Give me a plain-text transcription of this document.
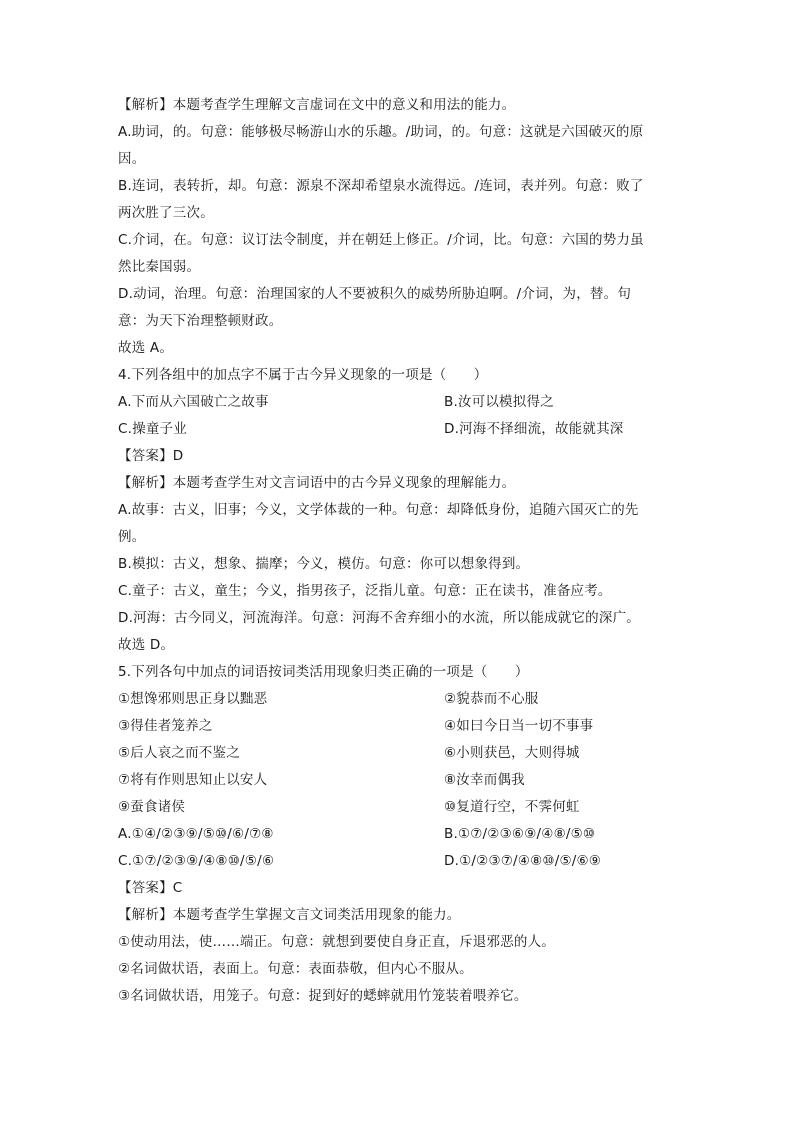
【解析】本题考查学生理解文言虚词在文中的意义和用法的能力。
A.助词，的。句意：能够极尽畅游山水的乐趣。/助词，的。句意：这就是六国破灭的原
因。
B.连词，表转折，却。句意：源泉不深却希望泉水流得远。/连词，表并列。句意：败了
两次胜了三次。
C.介词，在。句意：议订法令制度，并在朝廷上修正。/介词，比。句意：六国的势力虽
然比秦国弱。
D.动词，治理。句意：治理国家的人不要被积久的威势所胁迫啊。/介词，为，替。句
意：为天下治理整顿财政。
故选 A。
4.下列各组中的加点字不属于古今异义现象的一项是（　　）
A.下而从六国破亡之故事	B.汝可以模拟得之
C.操童子业	D.河海不择细流，故能就其深
【答案】D
【解析】本题考查学生对文言词语中的古今异义现象的理解能力。
A.故事：古义，旧事；今义，文学体裁的一种。句意：却降低身份，追随六国灭亡的先
例。
B.模拟：古义，想象、揣摩；今义，模仿。句意：你可以想象得到。
C.童子：古义，童生；今义，指男孩子，泛指儿童。句意：正在读书，准备应考。
D.河海：古今同义，河流海洋。句意：河海不舍弃细小的水流，所以能成就它的深广。
故选 D。
5.下列各句中加点的词语按词类活用现象归类正确的一项是（　　）
①想馋邪则思正身以黜恶	②貌恭而不心服
③得佳者笼养之	④如曰今日当一切不事事
⑤后人哀之而不鉴之	⑥小则获邑，大则得城
⑦将有作则思知止以安人	⑧汝幸而偶我
⑨蚕食诸侯	⑩复道行空，不霁何虹
A.①④/②③⑨/⑤⑩/⑥/⑦⑧	B.①⑦/②③⑥⑨/④⑧/⑤⑩
C.①⑦/②③⑨/④⑧⑩/⑤/⑥	D.①/②③⑦/④⑧⑩/⑤/⑥⑨
【答案】C
【解析】本题考查学生掌握文言文词类活用现象的能力。
①使动用法，使……端正。句意：就想到要使自身正直，斥退邪恶的人。
②名词做状语，表面上。句意：表面恭敬，但内心不服从。
③名词做状语，用笼子。句意：捉到好的蟋蟀就用竹笼装着喂养它。
